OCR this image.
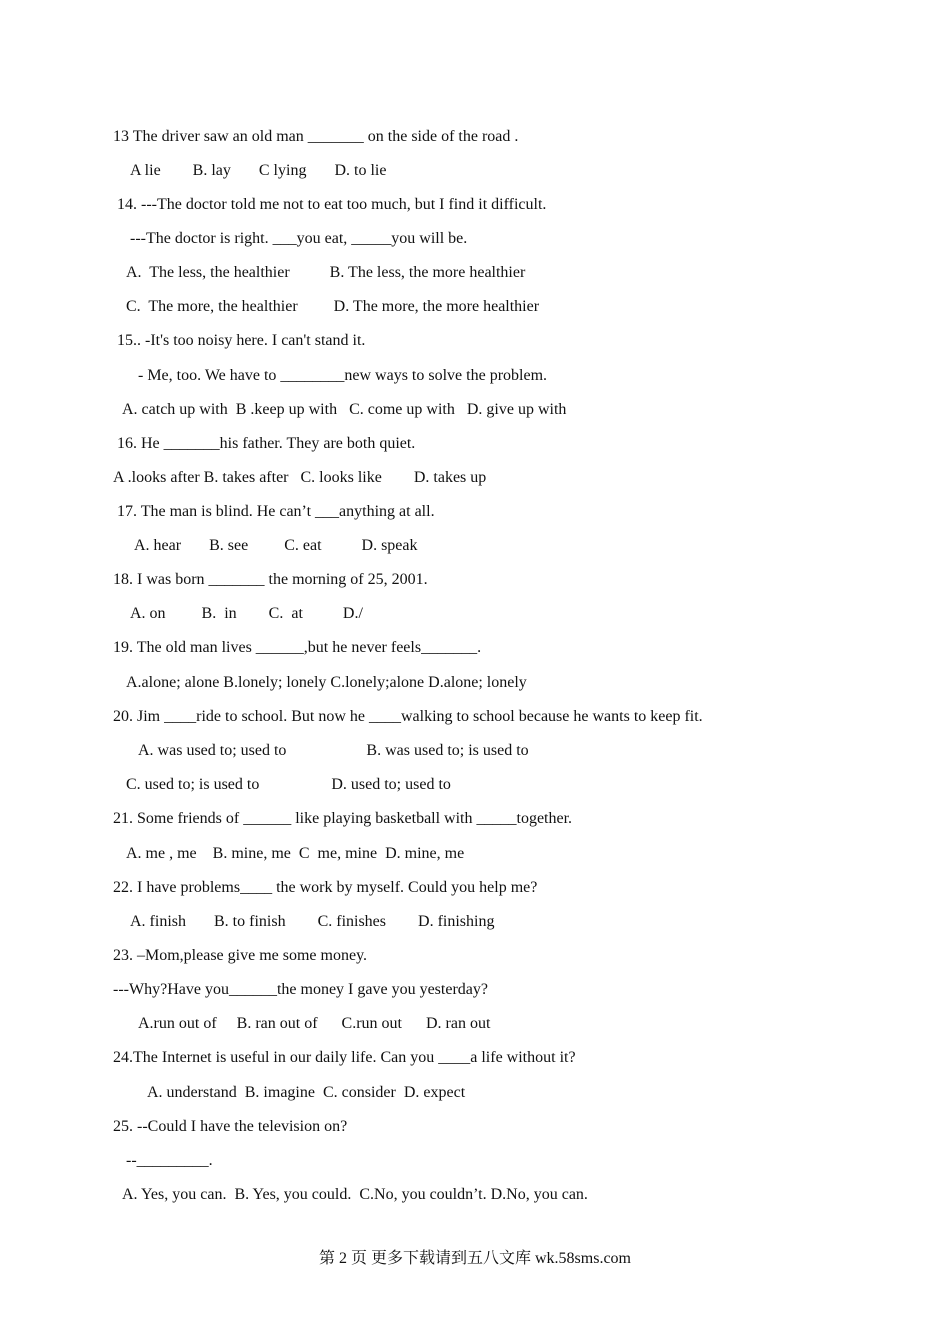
13 The driver saw an old man _______ on the side of the road .
A lie        B. lay       C lying       D. to lie
14. ---The doctor told me not to eat too much, but I find it difficult.
---The doctor is right. ___you eat, _____you will be.
A.  The less, the healthier          B. The less, the more healthier
C.  The more, the healthier         D. The more, the more healthier
15.. -It's too noisy here. I can't stand it.
- Me, too. We have to ________new ways to solve the problem.
A. catch up with  B .keep up with   C. come up with   D. give up with
16. He _______his father. They are both quiet.
A .looks after B. takes after   C. looks like        D. takes up
17. The man is blind. He can’t ___anything at all.
A. hear       B. see         C. eat          D. speak
18. I was born _______ the morning of 25, 2001.
A. on         B.  in        C.  at          D./
19. The old man lives ______,but he never feels_______.
A.alone; alone B.lonely; lonely C.lonely;alone D.alone; lonely
20. Jim ____ride to school. But now he ____walking to school because he wants to keep fit.
A. was used to; used to                    B. was used to; is used to
C. used to; is used to                  D. used to; used to
21. Some friends of ______ like playing basketball with _____together.
A. me , me    B. mine, me  C  me, mine  D. mine, me
22. I have problems____ the work by myself. Could you help me?
A. finish       B. to finish        C. finishes        D. finishing
23. –Mom,please give me some money.
---Why?Have you______the money I gave you yesterday?
A.run out of     B. ran out of      C.run out      D. ran out
24.The Internet is useful in our daily life. Can you ____a life without it?
A. understand  B. imagine  C. consider  D. expect
25. --Could I have the television on?
--_________.
A. Yes, you can.  B. Yes, you could.  C.No, you couldn’t. D.No, you can.
第 2 页 更多下载请到五八文库 wk.58sms.com
